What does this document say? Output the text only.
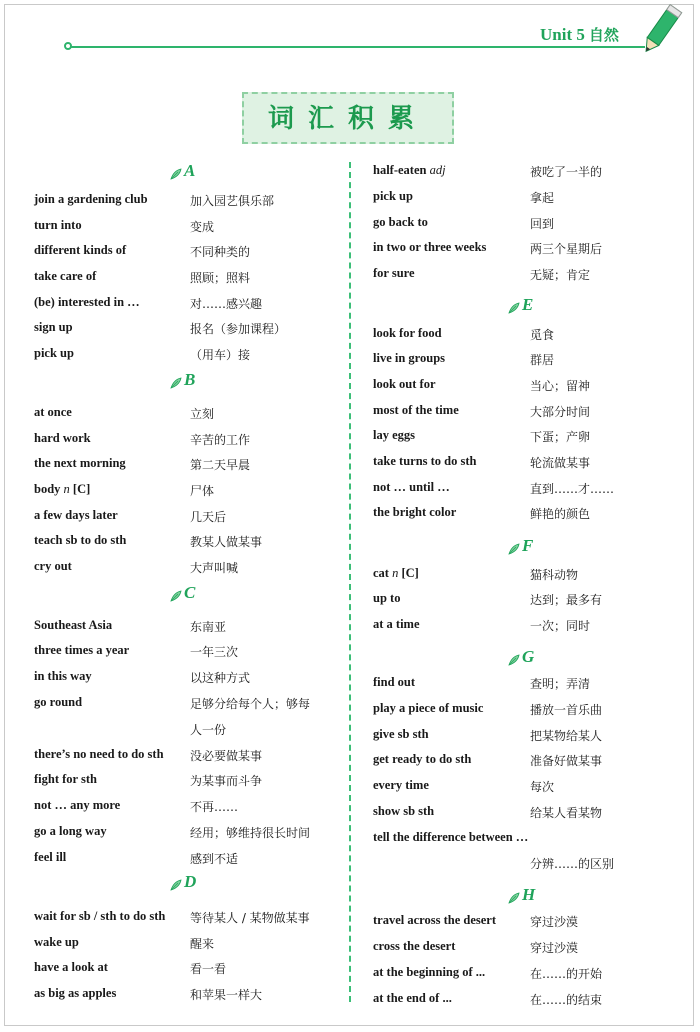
Unit 5 自然
词汇积累
A
join a gardening club	加入园艺俱乐部
turn into	变成
different kinds of	不同种类的
take care of	照顾；照料
(be) interested in …	对……感兴趣
sign up	报名（参加课程）
pick up	（用车）接
B
at once	立刻
hard work	辛苦的工作
the next morning	第二天早晨
body n [C]	尸体
a few days later	几天后
teach sb to do sth	教某人做某事
cry out	大声叫喊
C
Southeast Asia	东南亚
three times a year	一年三次
in this way	以这种方式
go round	足够分给每个人；够每
人一份
there’s no need to do sth 没必要做某事
fight for sth	为某事而斗争
not … any more	不再……
go a long way	经用；够维持很长时间
feel ill	感到不适
D
wait for sb / sth to do sth 等待某人 / 某物做某事
wake up	醒来
have a look at	看一看
as big as apples	和苹果一样大
half-eaten adj	被吃了一半的
pick up	拿起
go back to	回到
in two or three weeks	两三个星期后
for sure	无疑；肯定
E
look for food	觅食
live in groups	群居
look out for	当心；留神
most of the time	大部分时间
lay eggs	下蛋；产卵
take turns to do sth	轮流做某事
not … until …	直到……才……
the bright color	鲜艳的颜色
F
cat n [C]	猫科动物
up to	达到；最多有
at a time	一次；同时
G
find out	查明；弄清
play a piece of music	播放一首乐曲
give sb sth	把某物给某人
get ready to do sth	准备好做某事
every time	每次
show sb sth	给某人看某物
tell the difference between …
分辨……的区别
H
travel across the desert	穿过沙漠
cross the desert	穿过沙漠
at the beginning of ...	在……的开始
at the end of ...	在……的结束
